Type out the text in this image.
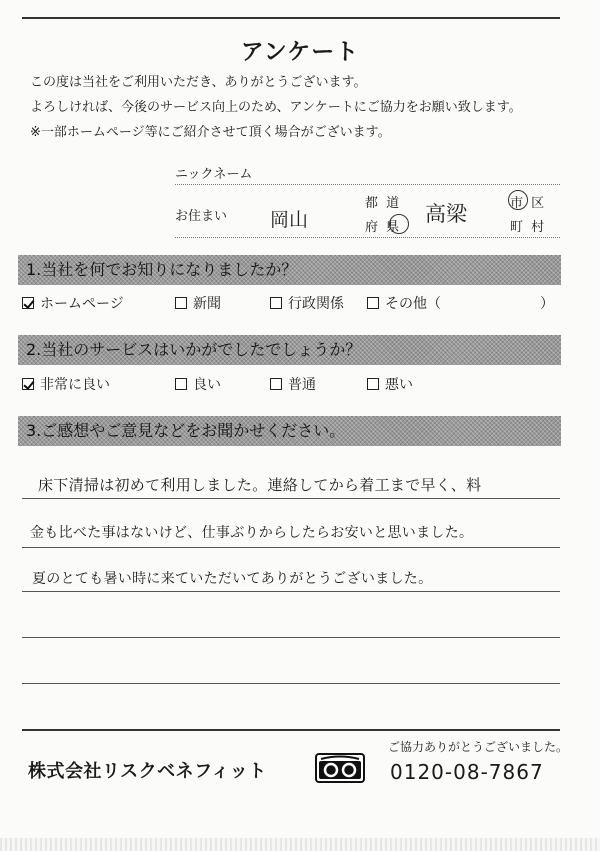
アンケート
この度は当社をご利用いただき、ありがとうございます。
よろしければ、今後のサービス向上のため、アンケートにご協力をお願い致します。
※一部ホームページ等にご紹介させて頂く場合がございます。
ニックネーム
お住まい 岡山
都 道
府 県
高梁	市 区
町 村
1.当社を何でお知りになりましたか？
ホームページ	新聞	行政関係	その他（	）
2.当社のサービスはいかがでしたでしょうか？
非常に良い	良い	普通	悪い
3.ご感想やご意見などをお聞かせください。
床下清掃は初めて利用しました。連絡してから着工まで早く、料
金も比べた事はないけど、仕事ぶりからしたらお安いと思いました。
夏のとても暑い時に来ていただいてありがとうございました。
株式会社リスクベネフィット
ご協力ありがとうございました。
0120-08-7867
